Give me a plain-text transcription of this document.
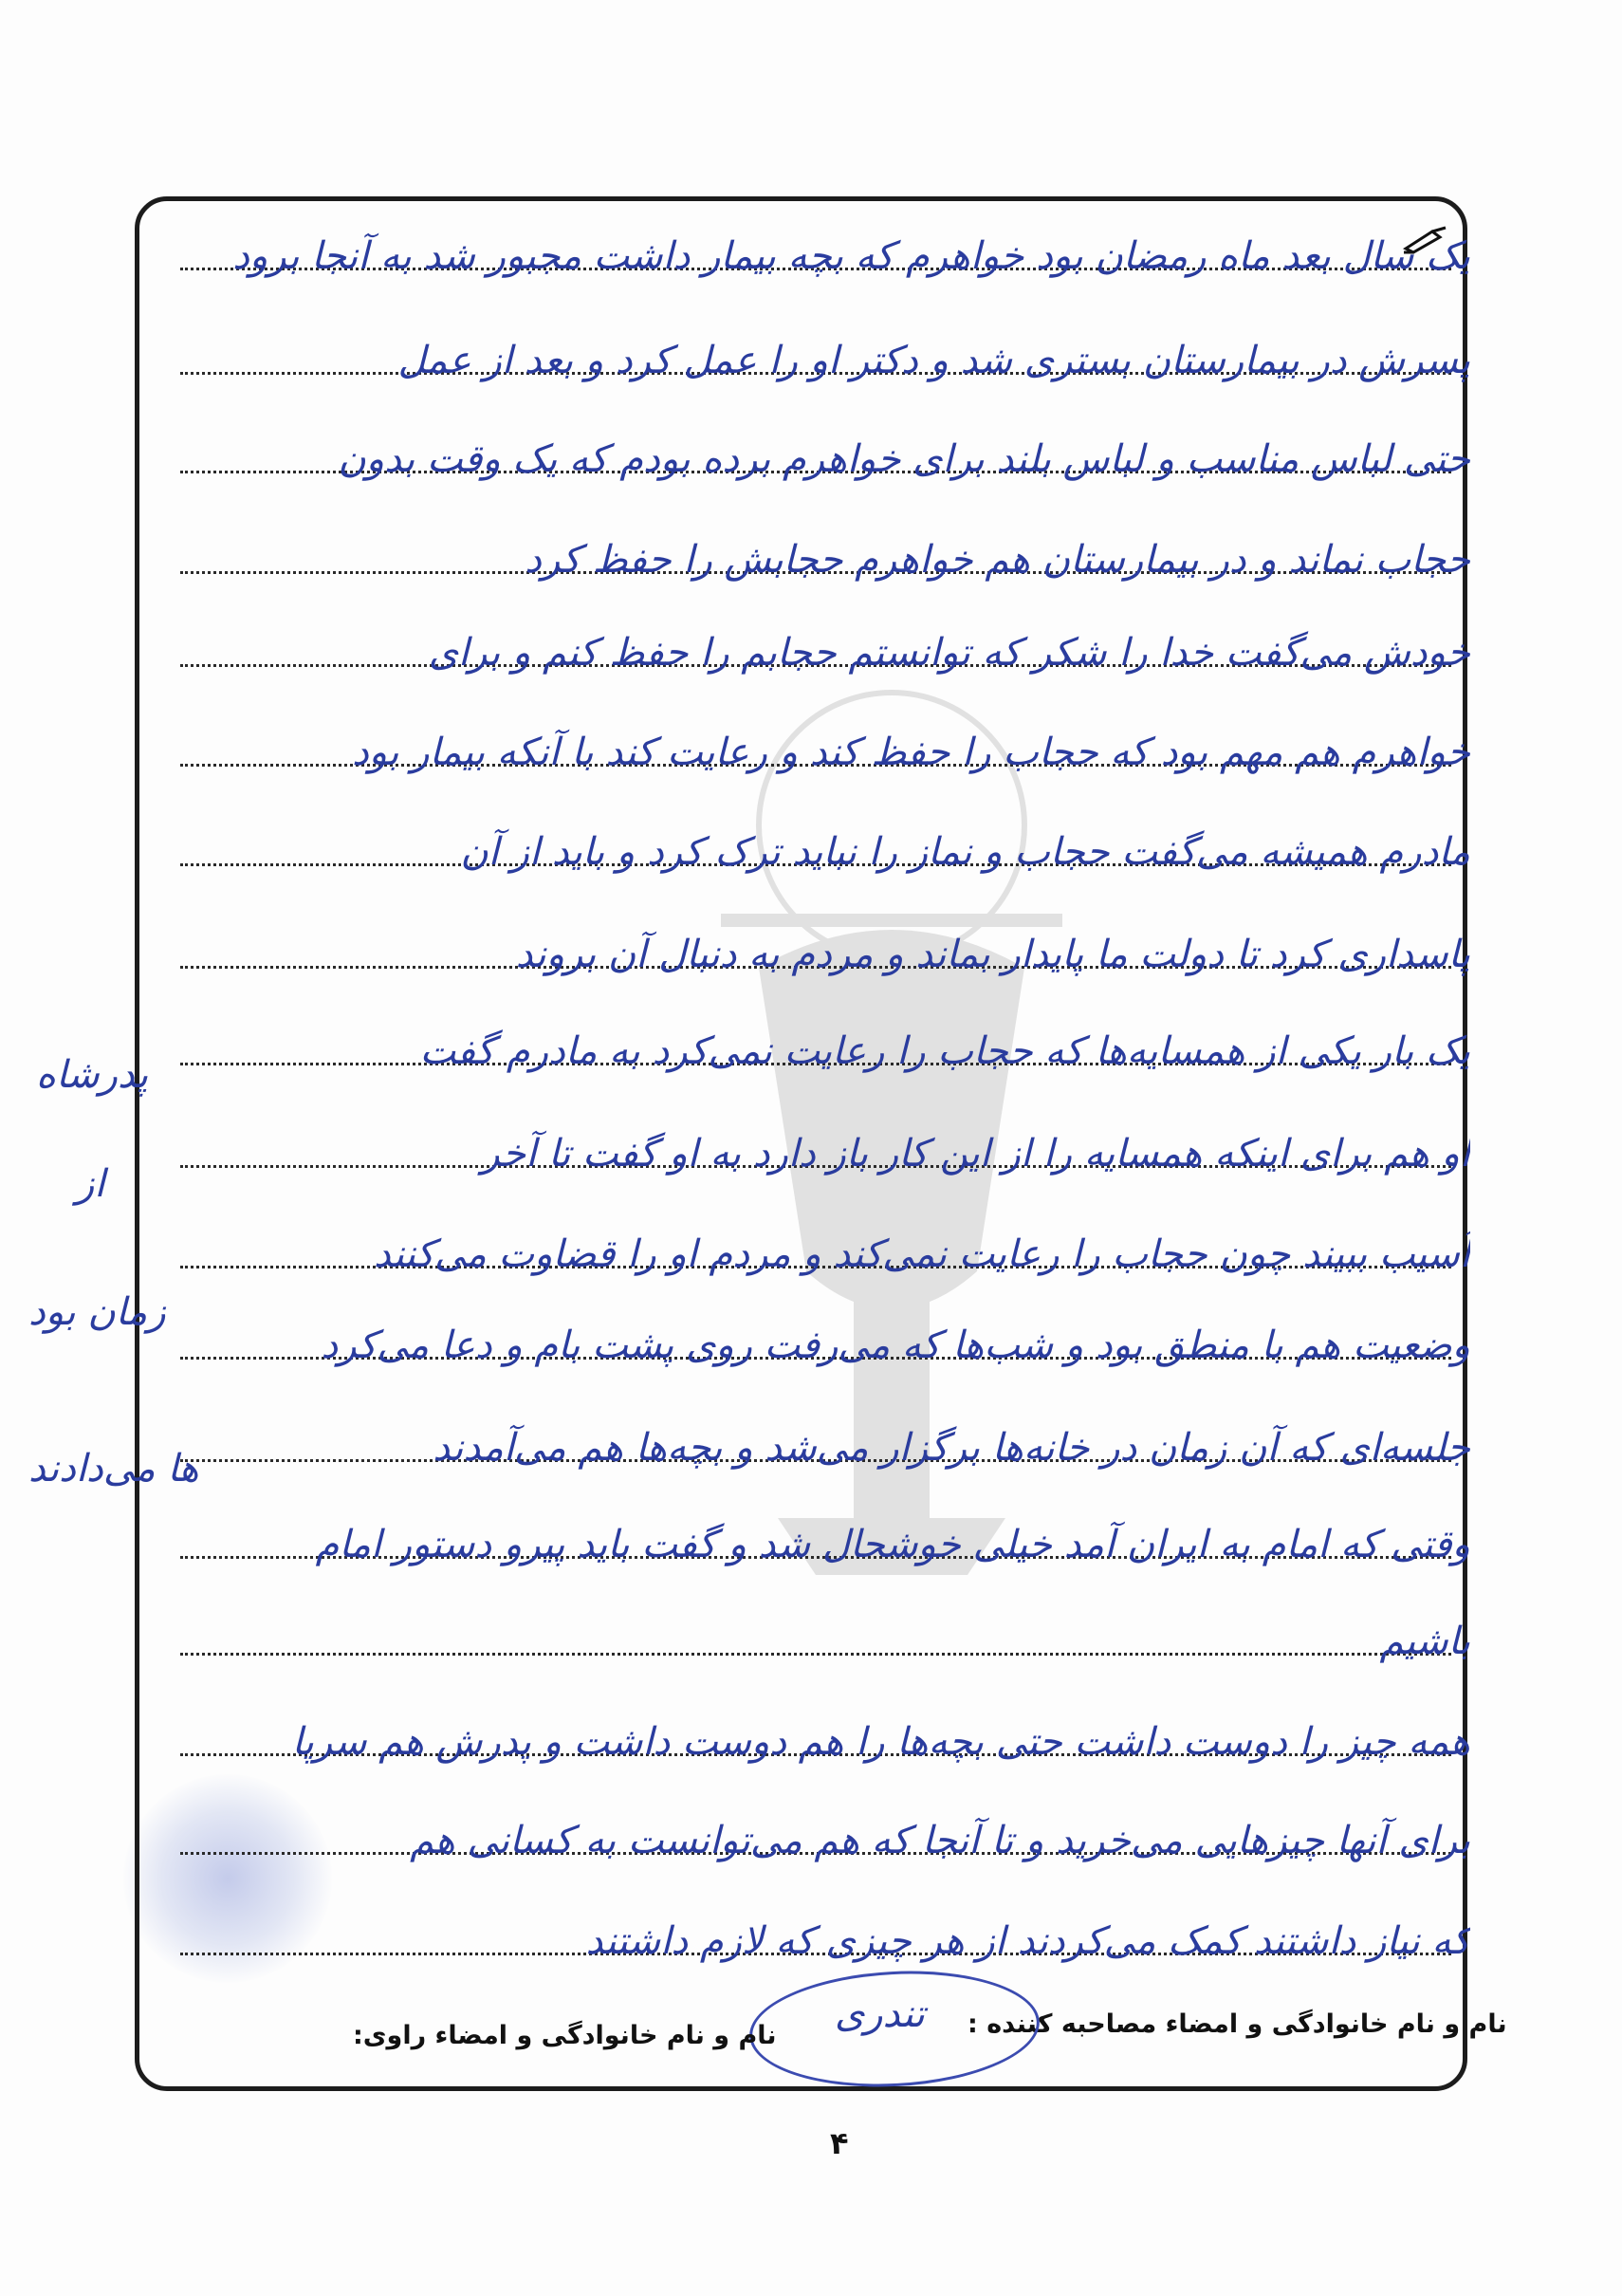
یک سال بعد ماه رمضان بود خواهرم که بچه بیمار داشت مجبور شد به آنجا برود
پسرش در بیمارستان بستری شد و دکتر او را عمل کرد و بعد از عمل
حتی لباس مناسب و لباس بلند برای خواهرم برده بودم که یک وقت بدون
حجاب نماند و در بیمارستان هم خواهرم حجابش را حفظ کرد
خودش می‌گفت خدا را شکر که توانستم حجابم را حفظ کنم و برای
خواهرم هم مهم بود که حجاب را حفظ کند و رعایت کند با آنکه بیمار بود
مادرم همیشه می‌گفت حجاب و نماز را نباید ترک کرد و باید از آن
پاسداری کرد تا دولت ما پایدار بماند و مردم به دنبال آن بروند
یک بار یکی از همسایه‌ها که حجاب را رعایت نمی‌کرد به مادرم گفت
او هم برای اینکه همسایه را از این کار باز دارد به او گفت تا آخر
آسیب ببیند چون حجاب را رعایت نمی‌کند و مردم او را قضاوت می‌کنند
وضعیت هم با منطق بود و شب‌ها که می‌رفت روی پشت بام و دعا می‌کرد
جلسه‌ای که آن زمان در خانه‌ها برگزار می‌شد و بچه‌ها هم می‌آمدند
وقتی که امام به ایران آمد خیلی خوشحال شد و گفت باید پیرو دستور امام
باشیم
همه چیز را دوست داشت حتی بچه‌ها را هم دوست داشت و پدرش هم سرپا
برای آنها چیزهایی می‌خرید و تا آنجا که هم می‌توانست به کسانی هم
که نیاز داشتند کمک می‌کردند از هر چیزی که لازم داشتند
پدرشاه
از
زمان بود
ها می‌دادند
نام و نام خانوادگی و امضاء مصاحبه کننده :
تندری
نام و نام خانوادگی و امضاء راوی:
۴
